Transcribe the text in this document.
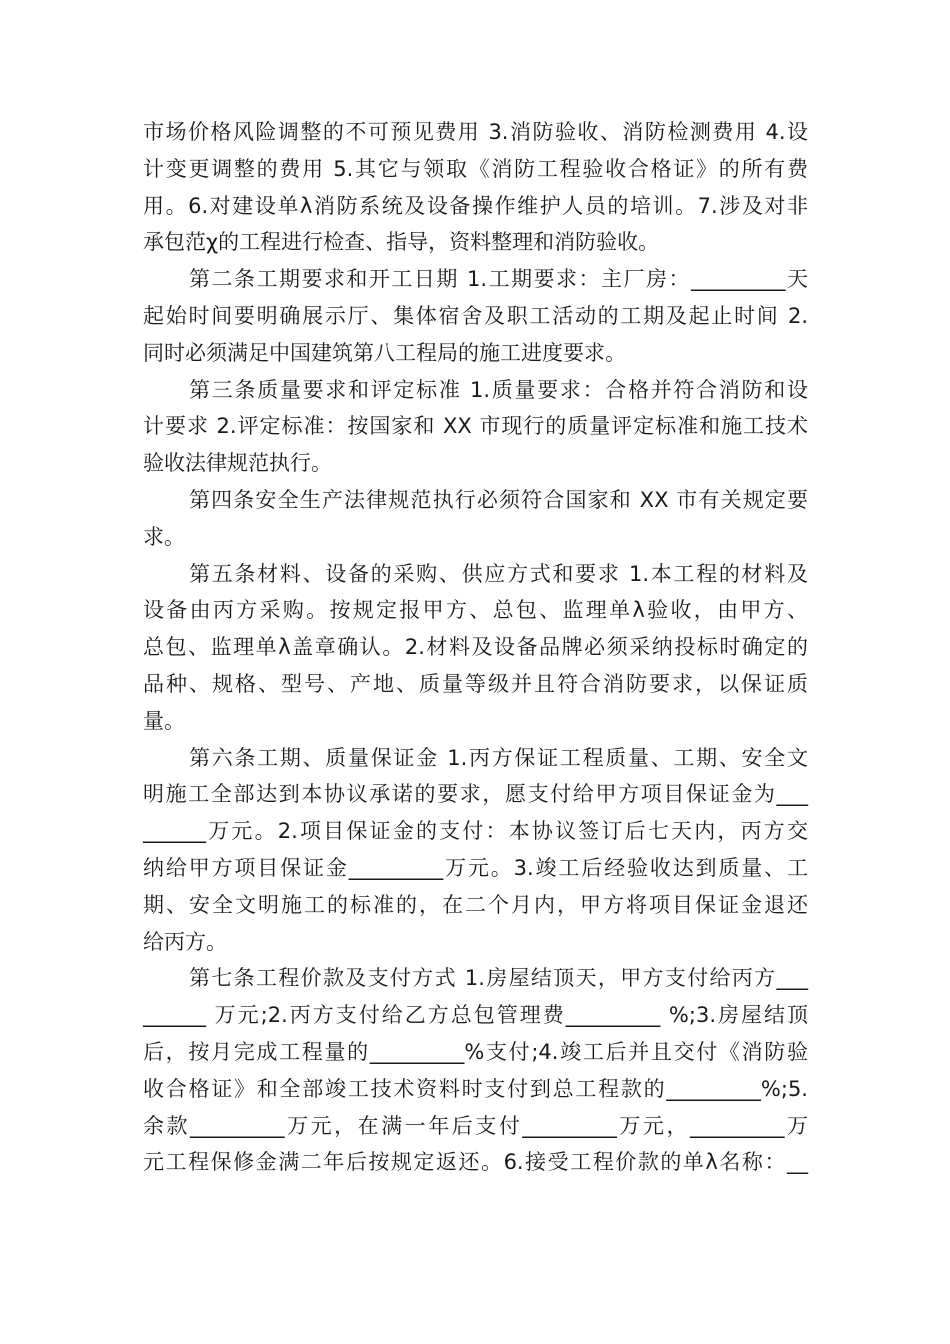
市场价格风险调整的不可预见费用 3.消防验收、消防检测费用 4.设
计变更调整的费用 5.其它与领取《消防工程验收合格证》的所有费
用。6.对建设单λ消防系统及设备操作维护人员的培训。7.涉及对非
承包范χ的工程进行检查、指导，资料整理和消防验收。
第二条工期要求和开工日期 1.工期要求：主厂房：_________天
起始时间要明确展示厅、集体宿舍及职工活动的工期及起止时间 2.
同时必须满足中国建筑第八工程局的施工进度要求。
第三条质量要求和评定标准 1.质量要求：合格并符合消防和设
计要求 2.评定标准：按国家和 XX 市现行的质量评定标准和施工技术
验收法律规范执行。
第四条安全生产法律规范执行必须符合国家和 XX 市有关规定要
求。
第五条材料、设备的采购、供应方式和要求 1.本工程的材料及
设备由丙方采购。按规定报甲方、总包、监理单λ验收，由甲方、
总包、监理单λ盖章确认。2.材料及设备品牌必须采纳投标时确定的
品种、规格、型号、产地、质量等级并且符合消防要求，以保证质
量。
第六条工期、质量保证金 1.丙方保证工程质量、工期、安全文
明施工全部达到本协议承诺的要求，愿支付给甲方项目保证金为___
______万元。2.项目保证金的支付：本协议签订后七天内，丙方交
纳给甲方项目保证金_________万元。3.竣工后经验收达到质量、工
期、安全文明施工的标准的，在二个月内，甲方将项目保证金退还
给丙方。
第七条工程价款及支付方式 1.房屋结顶天，甲方支付给丙方___
______ 万元;2.丙方支付给乙方总包管理费_________ %;3.房屋结顶
后，按月完成工程量的_________%支付;4.竣工后并且交付《消防验
收合格证》和全部竣工技术资料时支付到总工程款的_________%;5.
余款_________万元，在满一年后支付_________万元，_________万
元工程保修金满二年后按规定返还。6.接受工程价款的单λ名称：__
